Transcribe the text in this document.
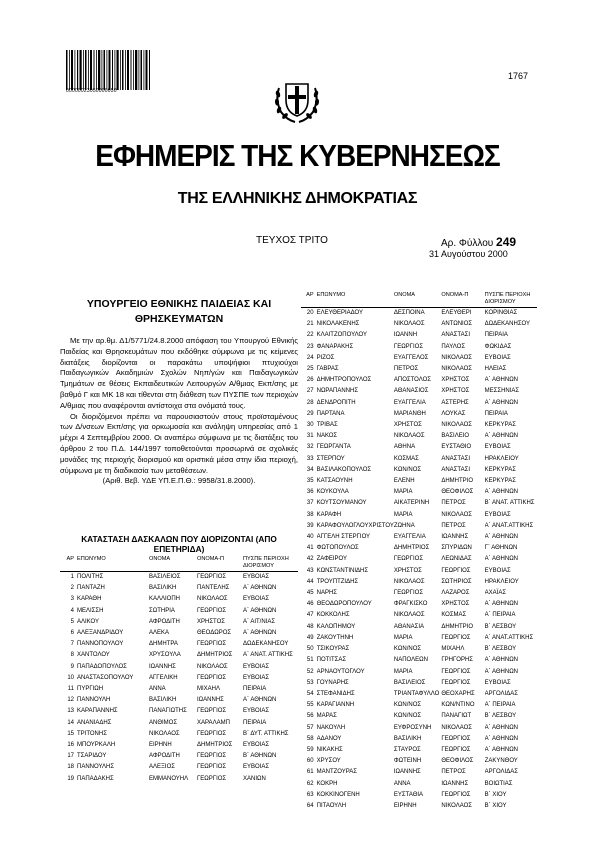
00000023050000050
1767
ΕΦΗΜΕΡΙΣ ΤΗΣ ΚΥΒΕΡΝΗΣΕΩΣ
ΤΗΣ ΕΛΛΗΝΙΚΗΣ ΔΗΜΟΚΡΑΤΙΑΣ
ΤΕΥΧΟΣ ΤΡΙΤΟ	Αρ. Φύλλου 249
31 Αυγούστου 2000
ΥΠΟΥΡΓΕΙΟ ΕΘΝΙΚΗΣ ΠΑΙΔΕΙΑΣ ΚΑΙ ΘΡΗΣΚΕΥΜΑΤΩΝ

Με την αρ.θμ. Δ1/5771/24.8.2000 απόφαση του Υπουργού Εθνικής Παιδείας και Θρησκευμάτων που εκδόθηκε σύμφωνα με τις κείμενες διατάξεις διορίζονται οι παρακάτω υποψήφιοι πτυχιούχοι Παιδαγωγικών Ακαδημιών Σχολών Νηπ/γών και Παιδαγωγικών Τμημάτων σε θέσεις Εκπαιδευτικών Λειτουργών Α/θμιας Εκπ/σης με βαθμό Γ και ΜΚ 18 και τίθενται στη διάθεση των ΠΥΣΠΕ των περιοχών Α/θμιας που αναφέρονται αντίστοιχα στα ονόματά τους.

Οι διοριζόμενοι πρέπει να παρουσιαστούν στους προϊσταμένους των Δ/νσεων Εκπ/σης για ορκωμοσία και ανάληψη υπηρεσίας από 1 μέχρι 4 Σεπτεμβρίου 2000. Οι αναπέρω σύμφωνα με τις διατάξεις του άρθρου 2 του Π.Δ. 144/1997 τοποθετούνται προσωρινά σε σχολικές μονάδες της περιοχής διορισμού και οριστικά μέσα στην ίδια περιοχή, σύμφωνα με τη διαδικασία των μεταθέσεων.

(Αριθ. Βεβ. ΥΔΕ ΥΠ.Ε.Π.Θ.: 9958/31.8.2000).

ΚΑΤΑΣΤΑΣΗ ΔΑΣΚΑΛΩΝ ΠΟΥ ΔΙΟΡΙΖΟΝΤΑΙ (ΑΠΟ ΕΠΕΤΗΡΙΔΑ)
ΑΡ	ΕΠΩΝΥΜΟ	ΟΝΟΜΑ	ΟΝΟΜΑ-Π	ΠΥΣΠΕ ΠΕΡΙΟΧΗ ΔΙΟΡΙΣΜΟΥ
1	ΠΟΛΙΤΗΣ	ΒΑΣΙΛΕΙΟΣ	ΓΕΩΡΓΙΟΣ	ΕΥΒΟΙΑΣ
2	ΠΑΝΤΑΖΗ	ΒΑΣΙΛΙΚΗ	ΠΑΝΤΕΛΗΣ	Α΄ ΑΘΗΝΩΝ
3	ΚΑΡΑΘΗ	ΚΑΛΛΙΟΠΗ	ΝΙΚΟΛΑΟΣ	ΕΥΒΟΙΑΣ
4	ΜΕΛΙΣΣΗ	ΣΩΤΗΡΙΑ	ΓΕΩΡΓΙΟΣ	Α΄ ΑΘΗΝΩΝ
5	ΑΛΙΚΟΥ	ΑΦΡΟΔΙΤΗ	ΧΡΗΣΤΟΣ	Α΄ ΑΙΤ/ΝΙΑΣ
6	ΑΛΕΞΑΝΔΡΙΔΟΥ	ΑΛΕΚΑ	ΘΕΟΔΩΡΟΣ	Α΄ ΑΘΗΝΩΝ
7	ΠΑΝΝΟΠΟΥΛΟΥ	ΔΗΜΗΤΡΑ	ΓΕΩΡΓΙΟΣ	ΔΩΔΕΚΑΝΗΣΟΥ
8	ΧΑΝΤΟΛΟΥ	ΧΡΥΣΟΥΛΑ	ΔΗΜΗΤΡΙΟΣ	Α΄ ΑΝΑΤ. ΑΤΤΙΚΗΣ
9	ΠΑΠΑΔΟΠΟΥΛΟΣ	ΙΩΑΝΝΗΣ	ΝΙΚΟΛΑΟΣ	ΕΥΒΟΙΑΣ
10	ΑΝΑΣΤΑΣΟΠΟΥΛΟΥ	ΑΓΓΕΛΙΚΗ	ΓΕΩΡΓΙΟΣ	ΕΥΒΟΙΑΣ
11	ΠΥΡΓΙΩΗ	ΑΝΝΑ	ΜΙΧΑΗΛ	ΠΕΙΡΑΙΑ
12	ΠΑΝΝΟΥΛΗ	ΒΑΣΙΛΙΚΗ	ΙΩΑΝΝΗΣ	Α΄ ΑΘΗΝΩΝ
13	ΚΑΡΑΠΑΝΝΗΣ	ΠΑΝΑΓΙΩΤΗΣ	ΓΕΩΡΓΙΟΣ	ΕΥΒΟΙΑΣ
14	ΑΝΑΝΙΑΔΗΣ	ΑΝΘΙΜΟΣ	ΧΑΡΑΛΑΜΠ	ΠΕΙΡΑΙΑ
15	ΤΡΙΤΟΝΗΣ	ΝΙΚΟΛΑΟΣ	ΓΕΩΡΓΙΟΣ	Β΄ ΔΥΤ. ΑΤΤΙΚΗΣ
16	ΜΠΟΥΡΚΑΛΗ	ΕΙΡΗΝΗ	ΔΗΜΗΤΡΙΟΣ	ΕΥΒΟΙΑΣ
17	ΤΣΑΡΙΔΟΥ	ΑΦΡΟΔΙΤΗ	ΓΕΩΡΓΙΟΣ	Β΄ ΑΘΗΝΩΝ
18	ΠΑΝΝΟΥΛΗΣ	ΑΛΕΞΙΟΣ	ΓΕΩΡΓΙΟΣ	ΕΥΒΟΙΑΣ
19	ΠΑΠΑΔΑΚΗΣ	ΕΜΜΑΝΟΥΗΛ	ΓΕΩΡΓΙΟΣ	ΧΑΝΙΩΝ
ΑΡ	ΕΠΩΝΥΜΟ	ΟΝΟΜΑ	ΟΝΟΜΑ-Π	ΠΥΣΠΕ ΠΕΡΙΟΧΗ ΔΙΟΡΙΣΜΟΥ
20	ΕΛΕΥΘΕΡΙΑΔΟΥ	ΔΕΣΠΟΙΝΑ	ΕΛΕΥΘΕΡΙ	ΚΟΡΙΝΘΙΑΣ
21	ΝΙΚΟΛΑΚΕΝΗΣ	ΝΙΚΟΛΑΟΣ	ΑΝΤΩΝΙΟΣ	ΔΩΔΕΚΑΝΗΣΟΥ
22	ΚΛΑΙΤΖΟΠΟΥΛΟΥ	ΙΩΑΝΝΗ	ΑΝΑΣΤΑΣΙ	ΠΕΙΡΑΙΑ
23	ΦΑΝΑΡΑΚΗΣ	ΓΕΩΡΓΙΟΣ	ΠΑΥΛΟΣ	ΦΩΚΙΔΑΣ
24	ΡΙΖΟΣ	ΕΥΑΓΓΕΛΟΣ	ΝΙΚΟΛΑΟΣ	ΕΥΒΟΙΑΣ
25	ΓΑΒΡΑΣ	ΠΕΤΡΟΣ	ΝΙΚΟΛΑΟΣ	ΗΛΕΙΑΣ
26	ΔΗΜΗΤΡΟΠΟΥΛΟΣ	ΑΠΟΣΤΟΛΟΣ	ΧΡΗΣΤΟΣ	Α΄ ΑΘΗΝΩΝ
27	ΝΩΡΑΠΑΝΝΗΣ	ΑΘΑΝΑΣΙΟΣ	ΧΡΗΣΤΟΣ	ΜΕΣΣΗΝΙΑΣ
28	ΔΕΝΔΡΟΠΙΤΗ	ΕΥΑΓΓΕΛΙΑ	ΑΣΤΕΡΗΣ	Α΄ ΑΘΗΝΩΝ
29	ΠΑΡΤΑΝΑ	ΜΑΡΙΑΝΘΗ	ΛΟΥΚΑΣ	ΠΕΙΡΑΙΑ
30	ΤΡΙΒΑΣ	ΧΡΗΣΤΟΣ	ΝΙΚΟΛΑΟΣ	ΚΕΡΚΥΡΑΣ
31	ΝΑΚΟΣ	ΝΙΚΟΛΑΟΣ	ΒΑΣΙΛΕΙΟ	Α΄ ΑΘΗΝΩΝ
32	ΓΕΩΡΓΑΝΤΑ	ΑΘΗΝΑ	ΕΥΣΤΑΘΙΟ	ΕΥΒΟΙΑΣ
33	ΣΤΕΡΠΟΥ	ΚΟΣΜΑΣ	ΑΝΑΣΤΑΣΙ	ΗΡΑΚΛΕΙΟΥ
34	ΒΑΣΙΛΑΚΟΠΟΥΛΟΣ	ΚΩΝ/ΝΟΣ	ΑΝΑΣΤΑΣΙ	ΚΕΡΚΥΡΑΣ
35	ΚΑΤΣΑΟΥΝΗ	ΕΛΕΝΗ	ΔΗΜΗΤΡΙΟ	ΚΕΡΚΥΡΑΣ
36	ΚΟΥΚΟΥΛΑ	ΜΑΡΙΑ	ΘΕΟΦΙΛΟΣ	Α΄ ΑΘΗΝΩΝ
37	ΚΟΥΤΣΟΥΜΑΝΟΥ	ΑΙΚΑΤΕΡΙΝΗ	ΠΕΤΡΟΣ	Β΄ ΑΝΑΤ. ΑΤΤΙΚΗΣ
38	ΚΑΡΑΦΗ	ΜΑΡΙΑ	ΝΙΚΟΛΑΟΣ	ΕΥΒΟΙΑΣ
39	ΚΑΡΑΦΟΥΛΟΓΛΟΥΧΡΙΣΤΟΥ	ΖΩΗΝΑ	ΠΕΤΡΟΣ	Α΄ ΑΝΑΤ.ΑΤΤΙΚΗΣ
40	ΑΓΓΕΛΗ ΣΤΕΡΓΙΟΥ	ΕΥΑΓΓΕΛΙΑ	ΙΩΑΝΝΗΣ	Α΄ ΑΘΗΝΩΝ
41	ΦΩΤΟΠΟΥΛΟΣ	ΔΗΜΗΤΡΙΟΣ	ΣΠΥΡΙΔΩΝ	Γ΄ ΑΘΗΝΩΝ
42	ΖΑΦΕΙΡΟΥ	ΓΕΩΡΓΙΟΣ	ΛΕΩΝΙΔΑΣ	Α΄ ΑΘΗΝΩΝ
43	ΚΩΝΣΤΑΝΤΙΝΙΔΗΣ	ΧΡΗΣΤΟΣ	ΓΕΩΡΓΙΟΣ	ΕΥΒΟΙΑΣ
44	ΤΡΟΥΠΤΖΙΔΗΣ	ΝΙΚΟΛΑΟΣ	ΣΩΤΗΡΙΟΣ	ΗΡΑΚΛΕΙΟΥ
45	ΝΑΡΗΣ	ΓΕΩΡΓΙΟΣ	ΛΑΖΑΡΟΣ	ΑΧΑΪΑΣ
46	ΘΕΟΔΩΡΟΠΟΥΛΟΥ	ΦΡΑΓΚΙΣΚΟ	ΧΡΗΣΤΟΣ	Α΄ ΑΘΗΝΩΝ
47	ΚΟΚΚΟΛΗΣ	ΝΙΚΟΛΑΟΣ	ΚΟΣΜΑΣ	Α΄ ΠΕΙΡΑΙΑ
48	ΚΑΛΟΠΗΜΟΥ	ΑΘΑΝΑΣΙΑ	ΔΗΜΗΤΡΙΟ	Β΄ ΛΕΣΒΟΥ
49	ΖΑΚΟΥΤΗΝΗ	ΜΑΡΙΑ	ΓΕΩΡΓΙΟΣ	Α΄ ΑΝΑΤ.ΑΤΤΙΚΗΣ
50	ΤΣΙΚΟΥΡΑΣ	ΚΩΝ/ΝΟΣ	ΜΙΧΑΗΛ	Β΄ ΛΕΣΒΟΥ
51	ΠΟΤΙΤΣΑΣ	ΝΑΠΟΛΕΩΝ	ΓΡΗΓΟΡΗΣ	Α΄ ΑΘΗΝΩΝ
52	ΑΡΝΑΟΥΤΟΓΛΟΥ	ΜΑΡΙΑ	ΓΕΩΡΓΙΟΣ	Α΄ ΑΘΗΝΩΝ
53	ΓΟΥΝΑΡΗΣ	ΒΑΣΙΛΕΙΟΣ	ΓΕΩΡΓΙΟΣ	ΕΥΒΟΙΑΣ
54	ΣΤΕΦΑΝΙΔΗΣ	ΤΡΙΑΝΤΑΦΥΛΛΟ	ΘΕΟΧΑΡΗΣ	ΑΡΓΟΛΙΔΑΣ
55	ΚΑΡΑΓΙΑΝΝΗ	ΚΩΝ/ΝΟΣ	ΚΩΝ/ΝΤΙΝΟ	Α΄ ΠΕΙΡΑΙΑ
56	ΜΑΡΑΣ	ΚΩΝ/ΝΟΣ	ΠΑΝΑΓΙΩΤ	Β΄ ΛΕΣΒΟΥ
57	ΝΑΚΟΥΛΗ	ΕΥΦΡΟΣΥΝΗ	ΝΙΚΟΛΑΟΣ	Α΄ ΑΘΗΝΩΝ
58	ΑΔΑΝΟΥ	ΒΑΣΙΛΙΚΗ	ΓΕΩΡΓΙΟΣ	Α΄ ΑΘΗΝΩΝ
59	ΝΙΚΑΚΗΣ	ΣΤΑΥΡΟΣ	ΓΕΩΡΓΙΟΣ	Α΄ ΑΘΗΝΩΝ
60	ΧΡΥΣΟΥ	ΦΩΤΕΙΝΗ	ΘΕΟΦΙΛΟΣ	ΖΑΚΥΝΘΟΥ
61	ΜΑΝΤΖΟΥΡΑΣ	ΙΩΑΝΝΗΣ	ΠΕΤΡΟΣ	ΑΡΓΟΛΙΔΑΣ
62	ΚΟΚΡΗ	ΑΝΝΑ	ΙΩΑΝΝΗΣ	ΒΟΙΩΤΙΑΣ
63	ΚΟΚΚΙΝΟΓΕΝΗ	ΕΥΣΤΑΘΙΑ	ΓΕΩΡΓΙΟΣ	Β΄ ΧΙΟΥ
64	ΠΙΤΑΟΥΛΗ	ΕΙΡΗΝΗ	ΝΙΚΟΛΑΟΣ	Β΄ ΧΙΟΥ
